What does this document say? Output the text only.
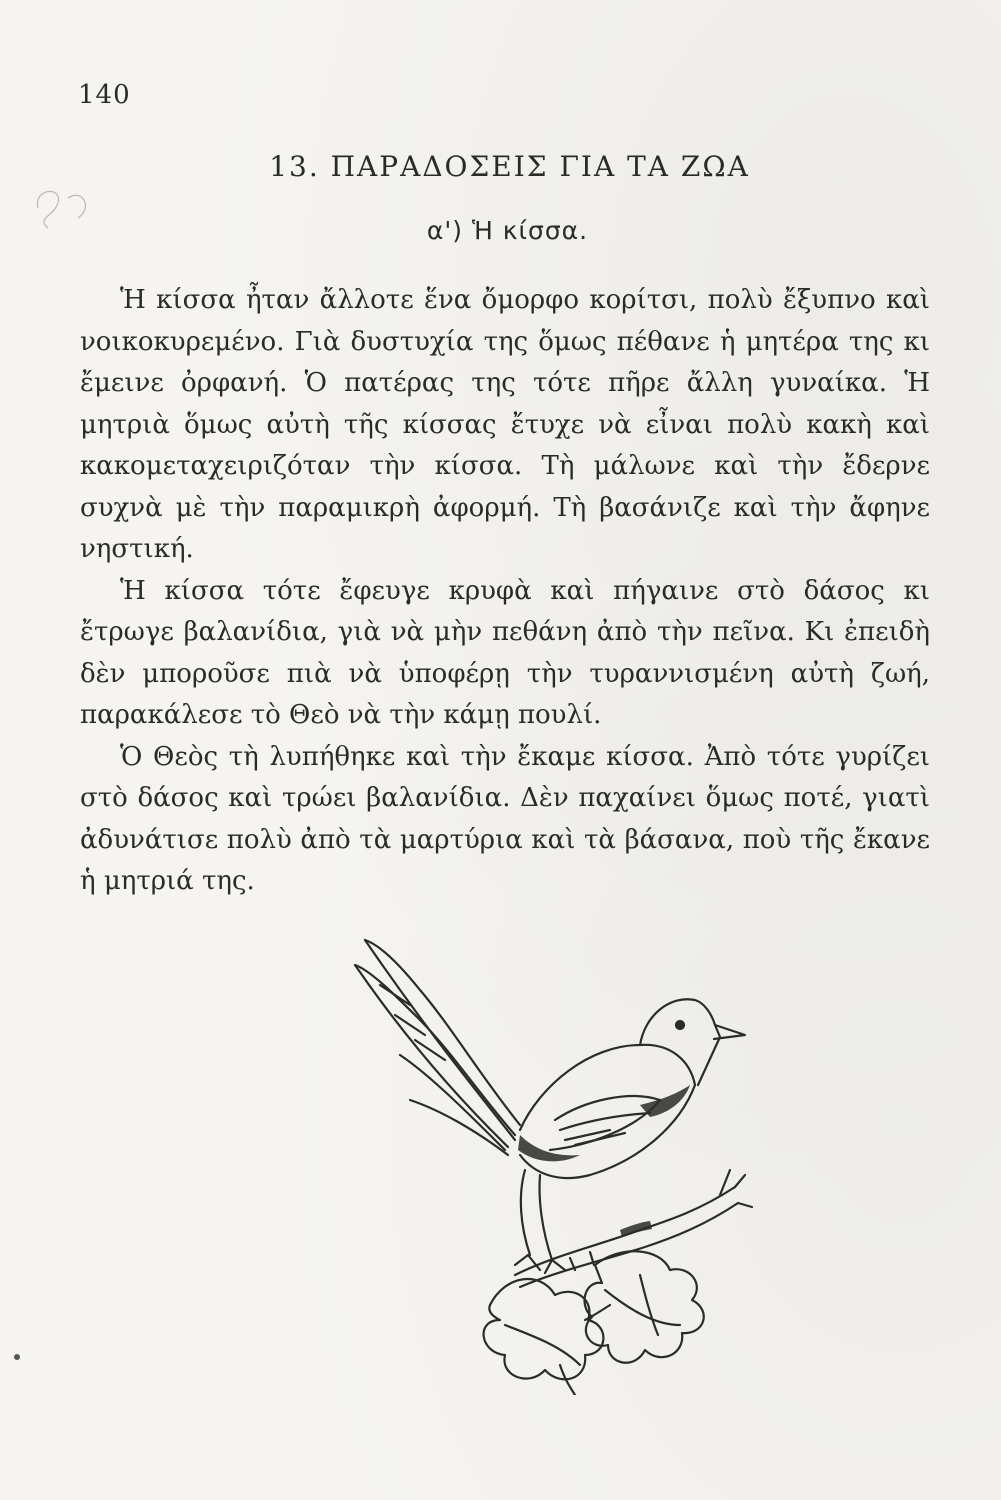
140
13. ΠΑΡΑΔΟΣΕΙΣ ΓΙΑ ΤΑ ΖΩΑ
α') Ἡ κίσσα.

Ἡ κίσσα ἦταν ἄλλοτε ἕνα ὄμορφο κορίτσι, πολὺ ἔξυπνο καὶ νοικοκυρεμένο. Γιὰ δυστυχία της ὅμως πέθανε ἡ μητέρα της κι ἔμεινε ὀρφανή. Ὁ πατέρας της τότε πῆρε ἄλλη γυναίκα. Ἡ μητριὰ ὅμως αὐτὴ τῆς κίσσας ἔτυχε νὰ εἶναι πολὺ κακὴ καὶ κακομεταχειριζόταν τὴν κίσσα. Τὴ μάλωνε καὶ τὴν ἔδερνε συχνὰ μὲ τὴν παραμικρὴ ἀφορμή. Τὴ βασάνιζε καὶ τὴν ἄφηνε νηστική.

Ἡ κίσσα τότε ἔφευγε κρυφὰ καὶ πήγαινε στὸ δάσος κι ἔτρωγε βαλανίδια, γιὰ νὰ μὴν πεθάνη ἀπὸ τὴν πεῖνα. Κι ἐπειδὴ δὲν μποροῦσε πιὰ νὰ ὑποφέρῃ τὴν τυραννισμένη αὐτὴ ζωή, παρακάλεσε τὸ Θεὸ νὰ τὴν κάμῃ πουλί.

Ὁ Θεὸς τὴ λυπήθηκε καὶ τὴν ἔκαμε κίσσα. Ἀπὸ τότε γυρίζει στὸ δάσος καὶ τρώει βαλανίδια. Δὲν παχαίνει ὅμως ποτέ, γιατὶ ἀδυνάτισε πολὺ ἀπὸ τὰ μαρτύρια καὶ τὰ βάσανα, ποὺ τῆς ἔκανε ἡ μητριά της.
